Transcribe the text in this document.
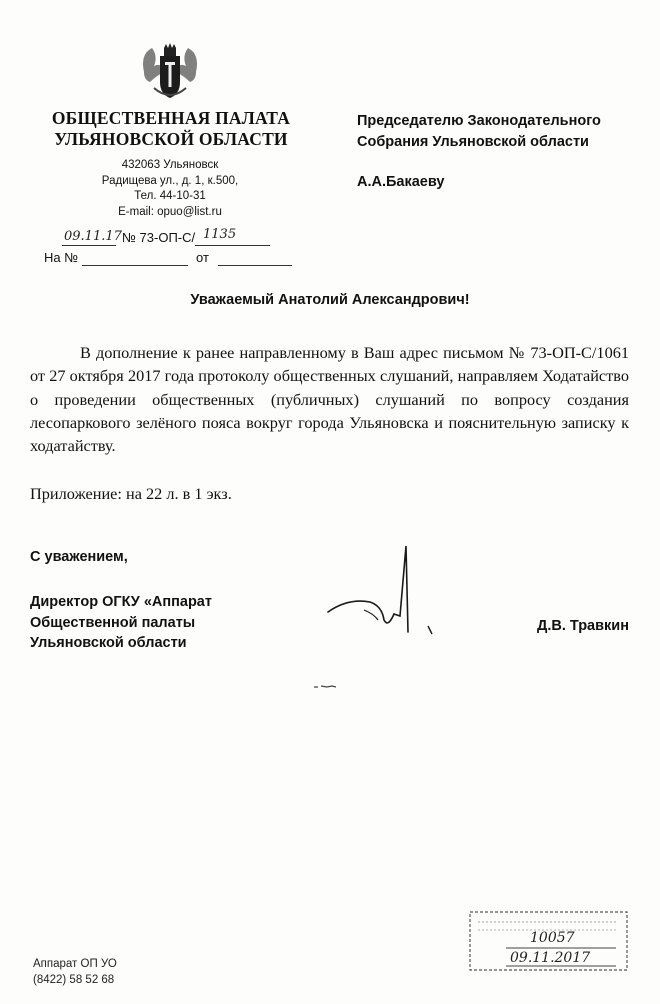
ОБЩЕСТВЕННАЯ ПАЛАТА
УЛЬЯНОВСКОЙ ОБЛАСТИ
432063 Ульяновск
Радищева ул., д. 1, к.500,
Тел. 44-10-31
E-mail: opuo@list.ru
Председателю Законодательного
Собрания Ульяновской области
А.А.Бакаеву
09.11.17 № 73-ОП-С/ 1135
На №	от
Уважаемый Анатолий Александрович!

В дополнение к ранее направленному в Ваш адрес письмом № 73-ОП-С/1061 от 27 октября 2017 года протоколу общественных слушаний, направляем Ходатайство о проведении общественных (публичных) слушаний по вопросу создания лесопаркового зелёного пояса вокруг города Ульяновска и пояснительную записку к ходатайству.

Приложение: на 22 л. в 1 экз.
С уважением,
Директор ОГКУ «Аппарат
Общественной палаты
Ульяновской области
Д.В. Травкин
Аппарат ОП УО
(8422) 58 52 68
10057
09.11.2017
